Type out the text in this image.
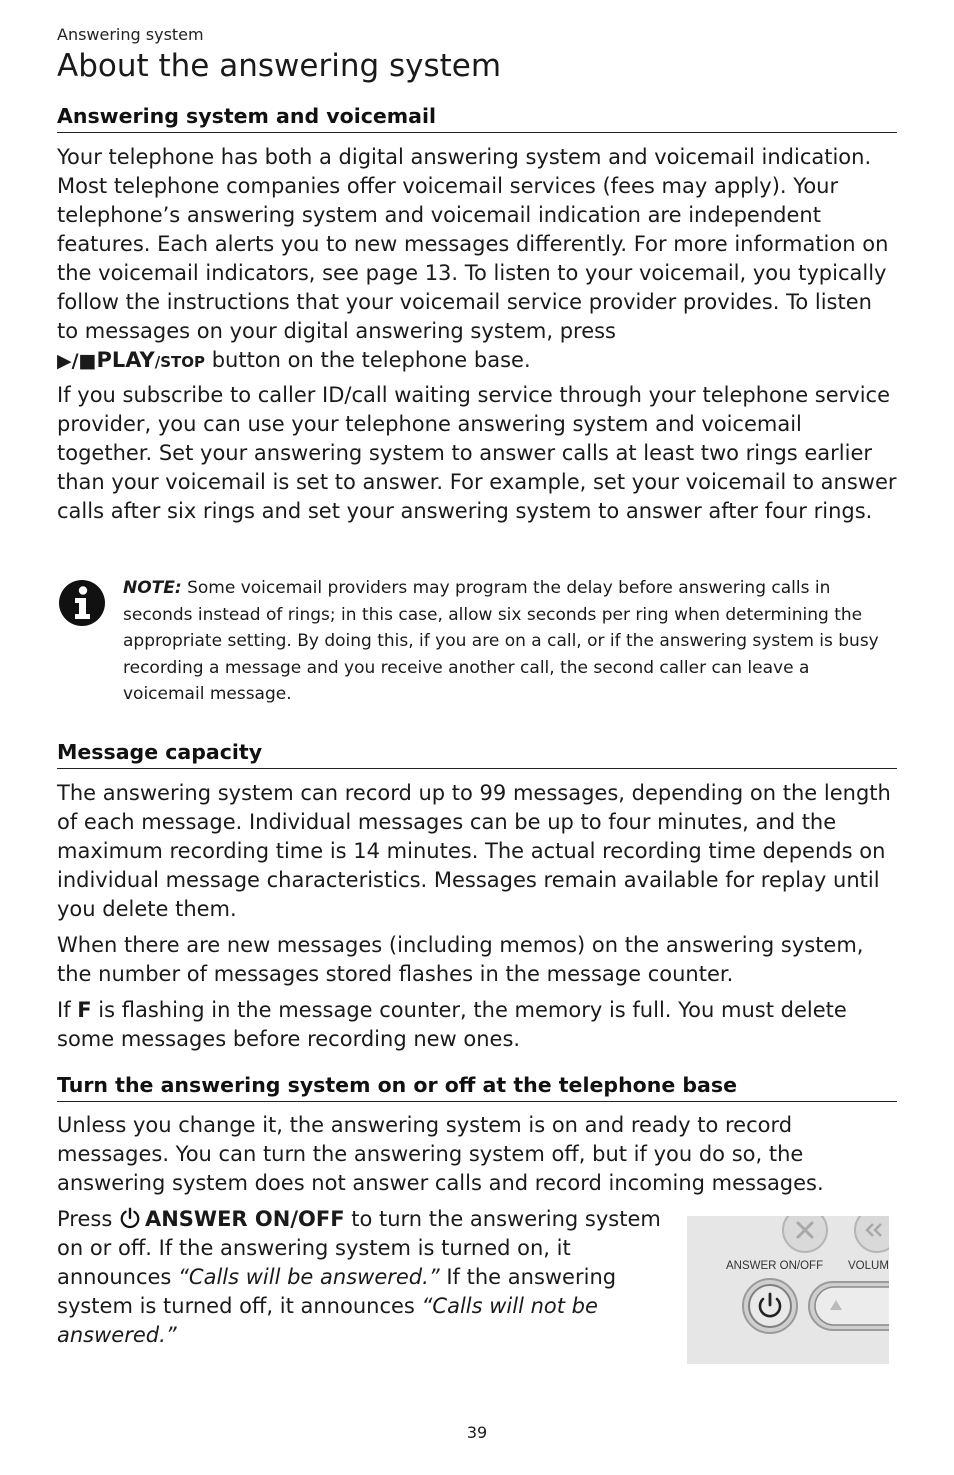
Answering system
About the answering system
Answering system and voicemail

Your telephone has both a digital answering system and voicemail indication. Most telephone companies offer voicemail services (fees may apply). Your telephone’s answering system and voicemail indication are independent features. Each alerts you to new messages differently. For more information on the voicemail indicators, see page 13. To listen to your voicemail, you typically follow the instructions that your voicemail service provider provides. To listen to messages on your digital answering system, press
▶/■PLAY/STOP button on the telephone base.

If you subscribe to caller ID/call waiting service through your telephone service provider, you can use your telephone answering system and voicemail together. Set your answering system to answer calls at least two rings earlier than your voicemail is set to answer. For example, set your voicemail to answer calls after six rings and set your answering system to answer after four rings.

NOTE: Some voicemail providers may program the delay before answering calls in seconds instead of rings; in this case, allow six seconds per ring when determining the appropriate setting. By doing this, if you are on a call, or if the answering system is busy recording a message and you receive another call, the second caller can leave a voicemail message.

Message capacity

The answering system can record up to 99 messages, depending on the length of each message. Individual messages can be up to four minutes, and the maximum recording time is 14 minutes. The actual recording time depends on individual message characteristics. Messages remain available for replay until you delete them.

When there are new messages (including memos) on the answering system, the number of messages stored flashes in the message counter.

If F is flashing in the message counter, the memory is full. You must delete some messages before recording new ones.

Turn the answering system on or off at the telephone base

Unless you change it, the answering system is on and ready to record messages. You can turn the answering system off, but if you do so, the answering system does not answer calls and record incoming messages.

Press ANSWER ON/OFF to turn the answering system on or off. If the answering system is turned on, it announces “Calls will be answered.” If the answering system is turned off, it announces “Calls will not be answered.”

ANSWER ON/OFF VOLUM
39
